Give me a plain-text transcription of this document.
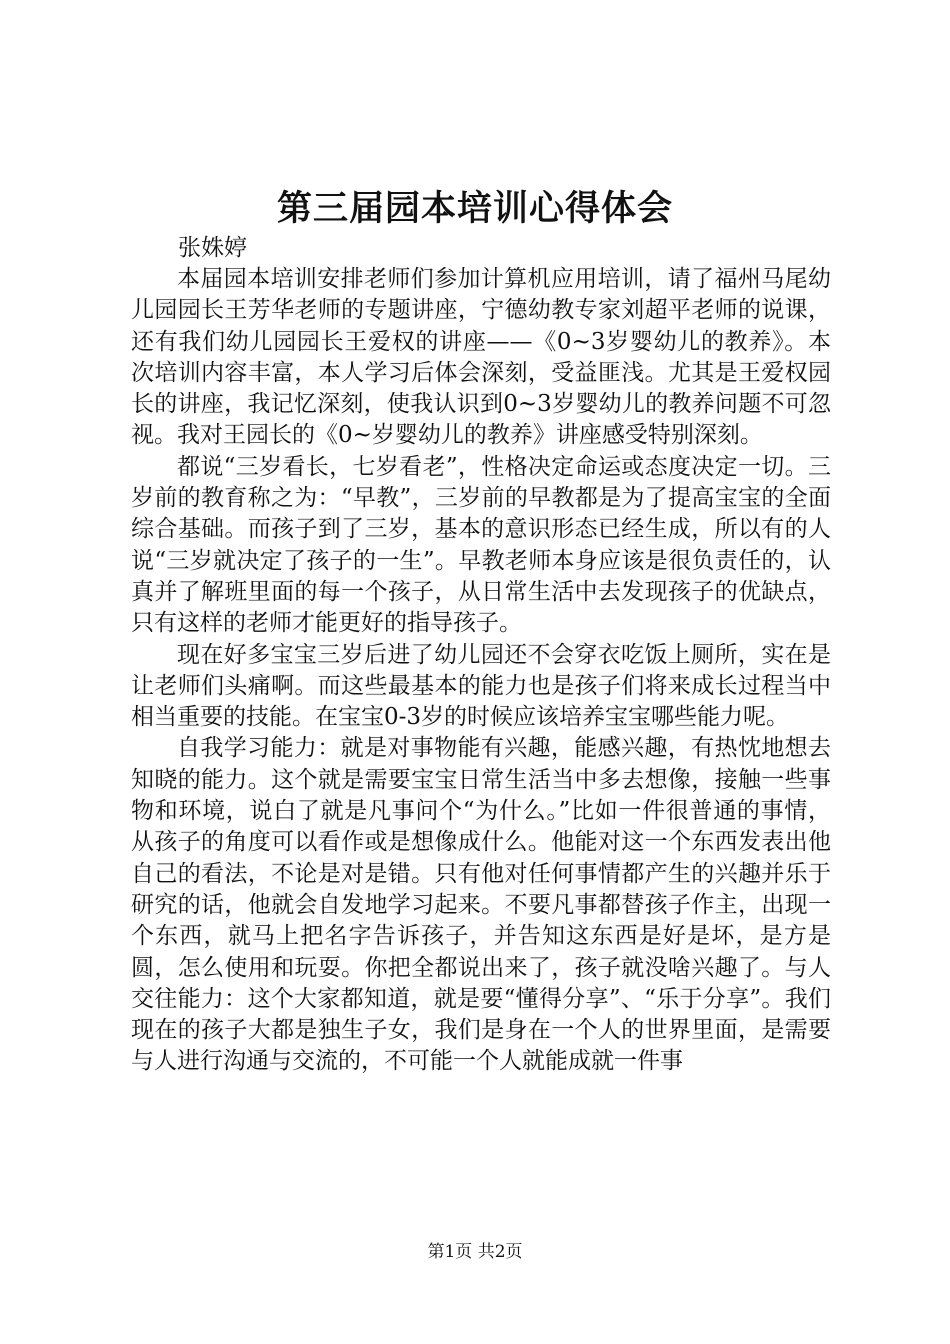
第三届园本培训心得体会
张姝婷

本届园本培训安排老师们参加计算机应用培训，请了福州马尾幼儿园园长王芳华老师的专题讲座，宁德幼教专家刘超平老师的说课，还有我们幼儿园园长王爱权的讲座——《0~3岁婴幼儿的教养》。本次培训内容丰富，本人学习后体会深刻，受益匪浅。尤其是王爱权园长的讲座，我记忆深刻，使我认识到0~3岁婴幼儿的教养问题不可忽视。我对王园长的《0~岁婴幼儿的教养》讲座感受特别深刻。

都说“三岁看长，七岁看老”，性格决定命运或态度决定一切。三岁前的教育称之为：“早教”，三岁前的早教都是为了提高宝宝的全面综合基础。而孩子到了三岁，基本的意识形态已经生成，所以有的人说“三岁就决定了孩子的一生”。早教老师本身应该是很负责任的，认真并了解班里面的每一个孩子，从日常生活中去发现孩子的优缺点，只有这样的老师才能更好的指导孩子。

现在好多宝宝三岁后进了幼儿园还不会穿衣吃饭上厕所，实在是让老师们头痛啊。而这些最基本的能力也是孩子们将来成长过程当中相当重要的技能。在宝宝0-3岁的时候应该培养宝宝哪些能力呢。

自我学习能力：就是对事物能有兴趣，能感兴趣，有热忱地想去知晓的能力。这个就是需要宝宝日常生活当中多去想像，接触一些事物和环境，说白了就是凡事问个“为什么。”比如一件很普通的事情，从孩子的角度可以看作或是想像成什么。他能对这一个东西发表出他自己的看法，不论是对是错。只有他对任何事情都产生的兴趣并乐于研究的话，他就会自发地学习起来。不要凡事都替孩子作主，出现一个东西，就马上把名字告诉孩子，并告知这东西是好是坏，是方是圆，怎么使用和玩耍。你把全都说出来了，孩子就没啥兴趣了。与人交往能力：这个大家都知道，就是要“懂得分享”、“乐于分享”。我们现在的孩子大都是独生子女，我们是身在一个人的世界里面，是需要与人进行沟通与交流的，不可能一个人就能成就一件事

第1页 共2页
